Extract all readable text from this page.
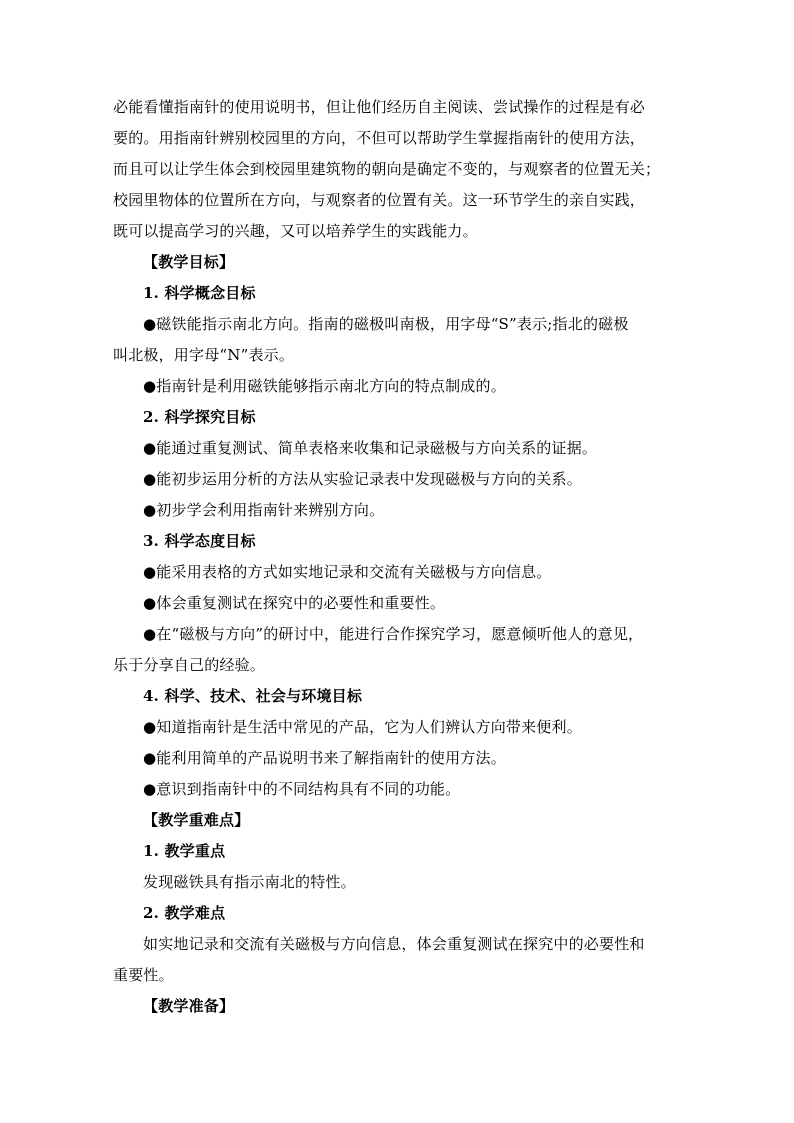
必能看懂指南针的使用说明书，但让他们经历自主阅读、尝试操作的过程是有必
要的。用指南针辨别校园里的方向，不但可以帮助学生掌握指南针的使用方法，
而且可以让学生体会到校园里建筑物的朝向是确定不变的，与观察者的位置无关；
校园里物体的位置所在方向，与观察者的位置有关。这一环节学生的亲自实践，
既可以提高学习的兴趣，又可以培养学生的实践能力。
【教学目标】
1. 科学概念目标
●磁铁能指示南北方向。指南的磁极叫南极，用字母“S”表示;指北的磁极
叫北极，用字母“N”表示。
●指南针是利用磁铁能够指示南北方向的特点制成的。
2. 科学探究目标
●能通过重复测试、简单表格来收集和记录磁极与方向关系的证据。
●能初步运用分析的方法从实验记录表中发现磁极与方向的关系。
●初步学会利用指南针来辨别方向。
3. 科学态度目标
●能采用表格的方式如实地记录和交流有关磁极与方向信息。
●体会重复测试在探究中的必要性和重要性。
●在“磁极与方向”的研讨中，能进行合作探究学习，愿意倾听他人的意见，
乐于分享自己的经验。
4. 科学、技术、社会与环境目标
●知道指南针是生活中常见的产品，它为人们辨认方向带来便利。
●能利用简单的产品说明书来了解指南针的使用方法。
●意识到指南针中的不同结构具有不同的功能。
【教学重难点】
1. 教学重点
发现磁铁具有指示南北的特性。
2. 教学难点
如实地记录和交流有关磁极与方向信息，体会重复测试在探究中的必要性和
重要性。
【教学准备】
